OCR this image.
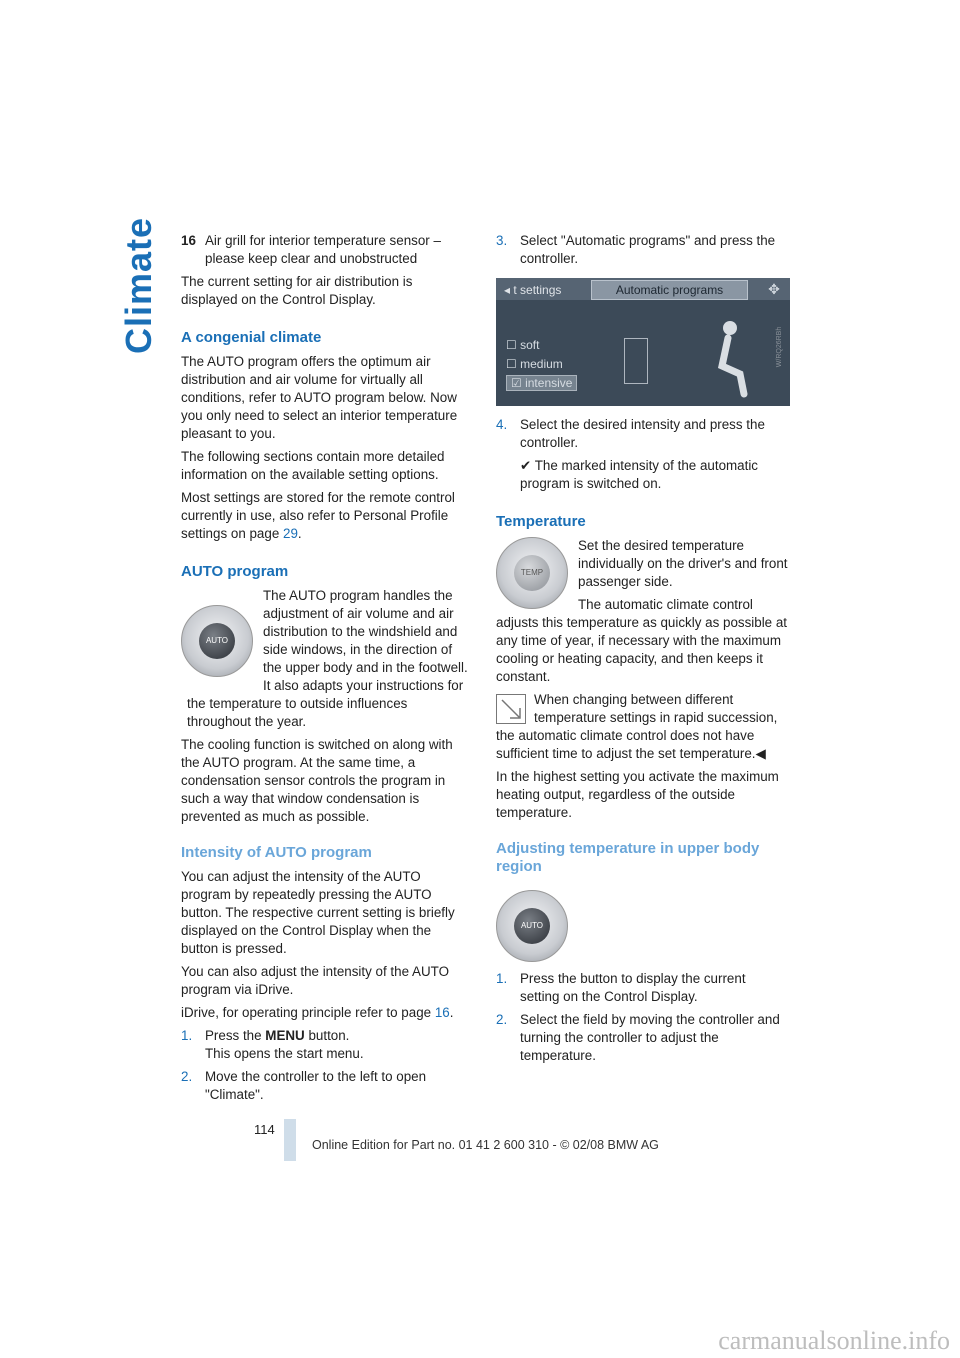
Climate 16 Air grill for interior temperature sensor – please keep clear and unobstructed

The current setting for air distribution is displayed on the Control Display.

A congenial climate

The AUTO program offers the optimum air distribution and air volume for virtually all conditions, refer to AUTO program below. Now you only need to select an interior temperature pleasant to you.

The following sections contain more detailed information on the available setting options.

Most settings are stored for the remote control currently in use, also refer to Personal Profile settings on page 29.

AUTO program
AUTO

The AUTO program handles the adjustment of air volume and air distribution to the windshield and side windows, in the direction of the upper body and in the footwell. It also adapts your instructions for the temperature to outside influences throughout the year.

The cooling function is switched on along with the AUTO program. At the same time, a condensation sensor controls the program in such a way that window condensation is prevented as much as possible.

Intensity of AUTO program

You can adjust the intensity of the AUTO program by repeatedly pressing the AUTO button. The respective current setting is briefly displayed on the Control Display when the button is pressed.

You can also adjust the intensity of the AUTO program via iDrive.

iDrive, for operating principle refer to page 16.

1. Press the MENU button.
This opens the start menu.
2. Move the controller to the left to open "Climate".
3. Select "Automatic programs" and press the controller.
◂ t settings	Automatic programs	✥
☐ soft
☐ medium
☑ intensive
W/RQ26RBh
4. Select the desired intensity and press the controller.

✔ The marked intensity of the automatic program is switched on.

Temperature
TEMP

Set the desired temperature individually on the driver's and front passenger side.

The automatic climate control adjusts this temperature as quickly as possible at any time of year, if necessary with the maximum cooling or heating capacity, and then keeps it constant.

When changing between different temperature settings in rapid succession, the automatic climate control does not have sufficient time to adjust the set temperature.◀

In the highest setting you activate the maximum heating output, regardless of the outside temperature.

Adjusting temperature in upper body region
AUTO
1. Press the button to display the current setting on the Control Display.
2. Select the field by moving the controller and turning the controller to adjust the temperature.
114
Online Edition for Part no. 01 41 2 600 310 - © 02/08 BMW AG
carmanualsonline.info
